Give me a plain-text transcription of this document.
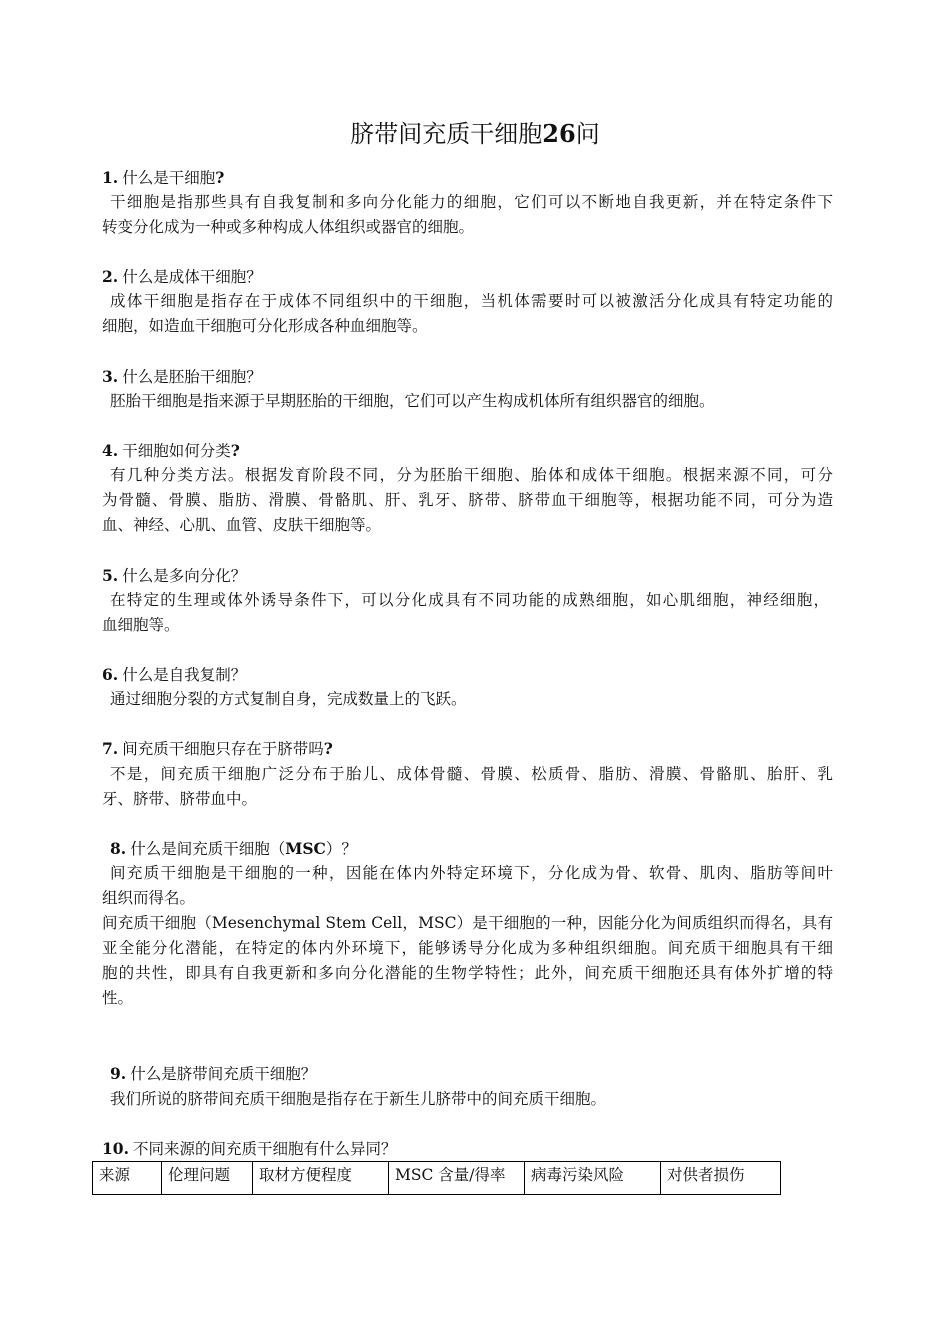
脐带间充质干细胞26问
1. 什么是干细胞?
干细胞是指那些具有自我复制和多向分化能力的细胞，它们可以不断地自我更新，并在特定条件下
转变分化成为一种或多种构成人体组织或器官的细胞。
2. 什么是成体干细胞？
成体干细胞是指存在于成体不同组织中的干细胞，当机体需要时可以被激活分化成具有特定功能的
细胞，如造血干细胞可分化形成各种血细胞等。
3. 什么是胚胎干细胞？
胚胎干细胞是指来源于早期胚胎的干细胞，它们可以产生构成机体所有组织器官的细胞。
4. 干细胞如何分类?
有几种分类方法。根据发育阶段不同，分为胚胎干细胞、胎体和成体干细胞。根据来源不同，可分
为骨髓、骨膜、脂肪、滑膜、骨骼肌、肝、乳牙、脐带、脐带血干细胞等，根据功能不同，可分为造
血、神经、心肌、血管、皮肤干细胞等。
5. 什么是多向分化？
在特定的生理或体外诱导条件下，可以分化成具有不同功能的成熟细胞，如心肌细胞，神经细胞，
血细胞等。
6. 什么是自我复制？
通过细胞分裂的方式复制自身，完成数量上的飞跃。
7. 间充质干细胞只存在于脐带吗?
不是，间充质干细胞广泛分布于胎儿、成体骨髓、骨膜、松质骨、脂肪、滑膜、骨骼肌、胎肝、乳
牙、脐带、脐带血中。
8. 什么是间充质干细胞（MSC）？
间充质干细胞是干细胞的一种，因能在体内外特定环境下，分化成为骨、软骨、肌肉、脂肪等间叶
组织而得名。
间充质干细胞（Mesenchymal Stem Cell，MSC）是干细胞的一种，因能分化为间质组织而得名，具有
亚全能分化潜能，在特定的体内外环境下，能够诱导分化成为多种组织细胞。间充质干细胞具有干细
胞的共性，即具有自我更新和多向分化潜能的生物学特性；此外，间充质干细胞还具有体外扩增的特
性。
9. 什么是脐带间充质干细胞？
我们所说的脐带间充质干细胞是指存在于新生儿脐带中的间充质干细胞。
10. 不同来源的间充质干细胞有什么异同？
来源	伦理问题	取材方便程度	MSC 含量/得率	病毒污染风险	对供者损伤
